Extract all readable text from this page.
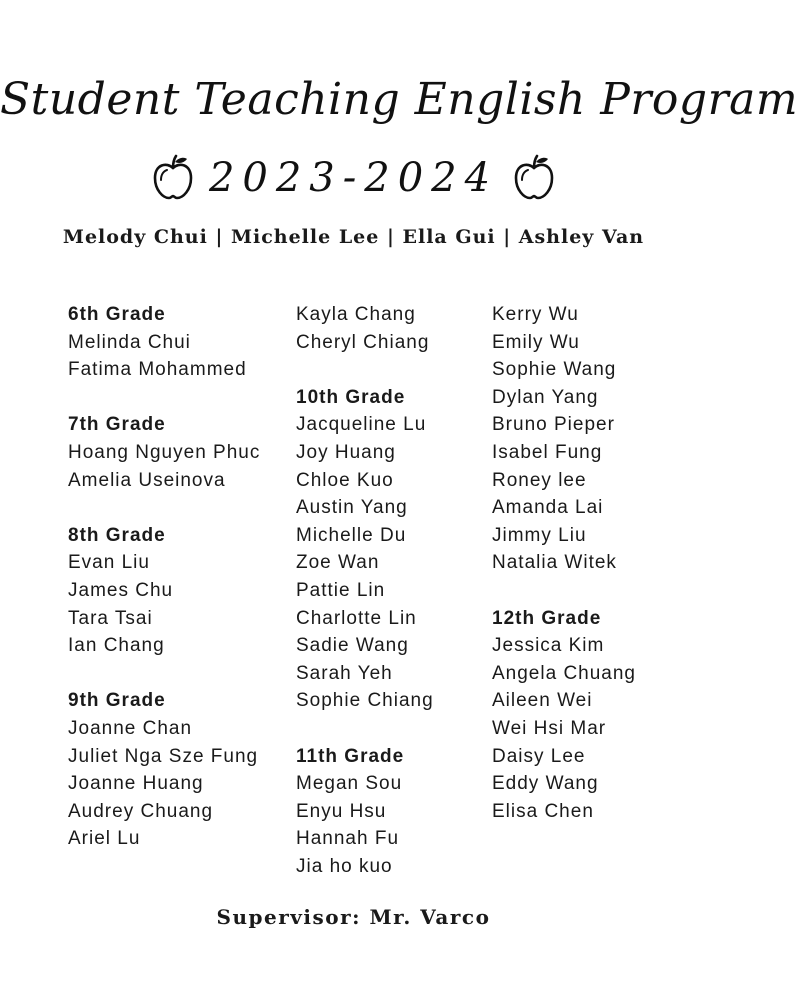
Student Teaching English Program
2023-2024
Melody Chui | Michelle Lee | Ella Gui | Ashley Van
6th Grade
Melinda Chui
Fatima Mohammed
7th Grade
Hoang Nguyen Phuc
Amelia Useinova
8th Grade
Evan Liu
James Chu
Tara Tsai
Ian Chang
9th Grade
Joanne Chan
Juliet Nga Sze Fung
Joanne Huang
Audrey Chuang
Ariel Lu
Kayla Chang
Cheryl Chiang
10th Grade
Jacqueline Lu
Joy Huang
Chloe Kuo
Austin Yang
Michelle Du
Zoe Wan
Pattie Lin
Charlotte Lin
Sadie Wang
Sarah Yeh
Sophie Chiang
11th Grade
Megan Sou
Enyu Hsu
Hannah Fu
Jia ho kuo
Kerry Wu
Emily Wu
Sophie Wang
Dylan Yang
Bruno Pieper
Isabel Fung
Roney lee
Amanda Lai
Jimmy Liu
Natalia Witek
12th Grade
Jessica Kim
Angela Chuang
Aileen Wei
Wei Hsi Mar
Daisy Lee
Eddy Wang
Elisa Chen
Supervisor: Mr. Varco
